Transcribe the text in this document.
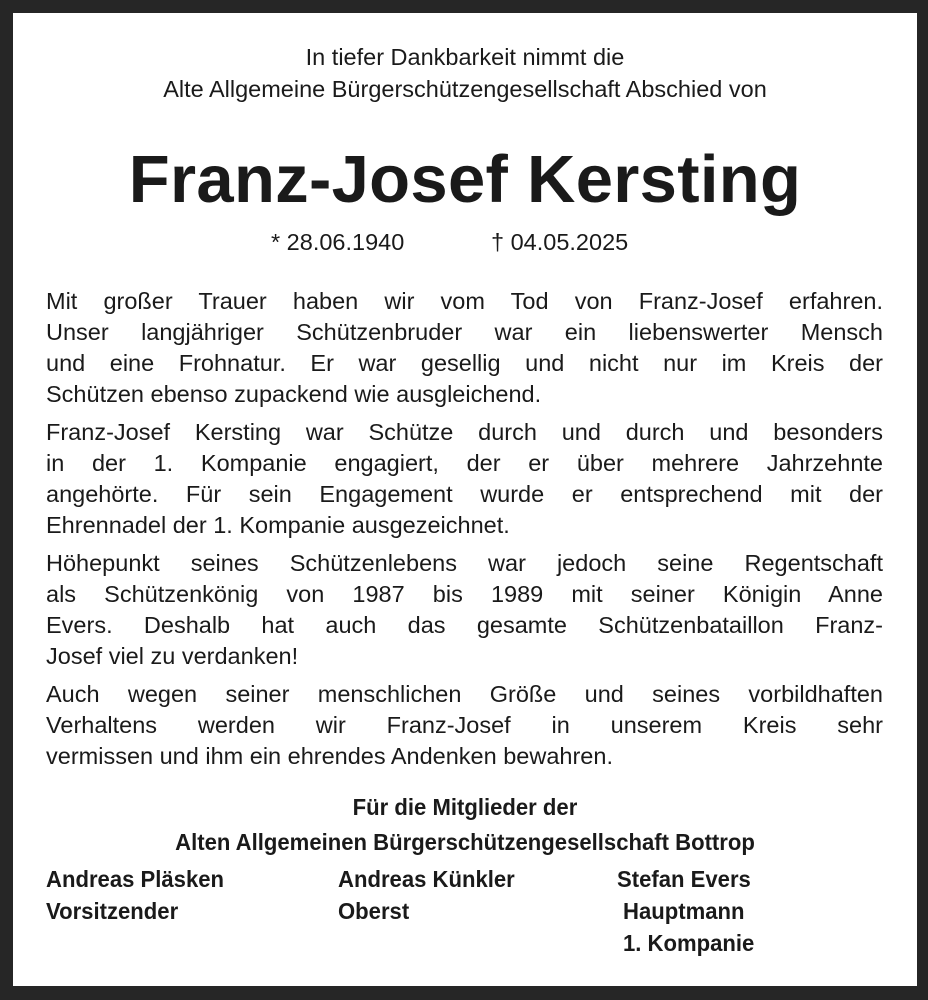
In tiefer Dankbarkeit nimmt die
Alte Allgemeine Bürgerschützengesellschaft Abschied von
Franz-Josef Kersting
* 28.06.1940	† 04.05.2025
Mit großer Trauer haben wir vom Tod von Franz-Josef erfahren.
Unser langjähriger Schützenbruder war ein liebenswerter Mensch
und eine Frohnatur. Er war gesellig und nicht nur im Kreis der
Schützen ebenso zupackend wie ausgleichend.
Franz-Josef Kersting war Schütze durch und durch und besonders
in der 1. Kompanie engagiert, der er über mehrere Jahrzehnte
angehörte. Für sein Engagement wurde er entsprechend mit der
Ehrennadel der 1. Kompanie ausgezeichnet.
Höhepunkt seines Schützenlebens war jedoch seine Regentschaft
als Schützenkönig von 1987 bis 1989 mit seiner Königin Anne
Evers. Deshalb hat auch das gesamte Schützenbataillon Franz-
Josef viel zu verdanken!
Auch wegen seiner menschlichen Größe und seines vorbildhaften
Verhaltens werden wir Franz-Josef in unserem Kreis sehr
vermissen und ihm ein ehrendes Andenken bewahren.
Für die Mitglieder der
Alten Allgemeinen Bürgerschützengesellschaft Bottrop
Andreas Pläsken
Vorsitzender
Andreas Künkler
Oberst
Stefan Evers
Hauptmann
1. Kompanie
